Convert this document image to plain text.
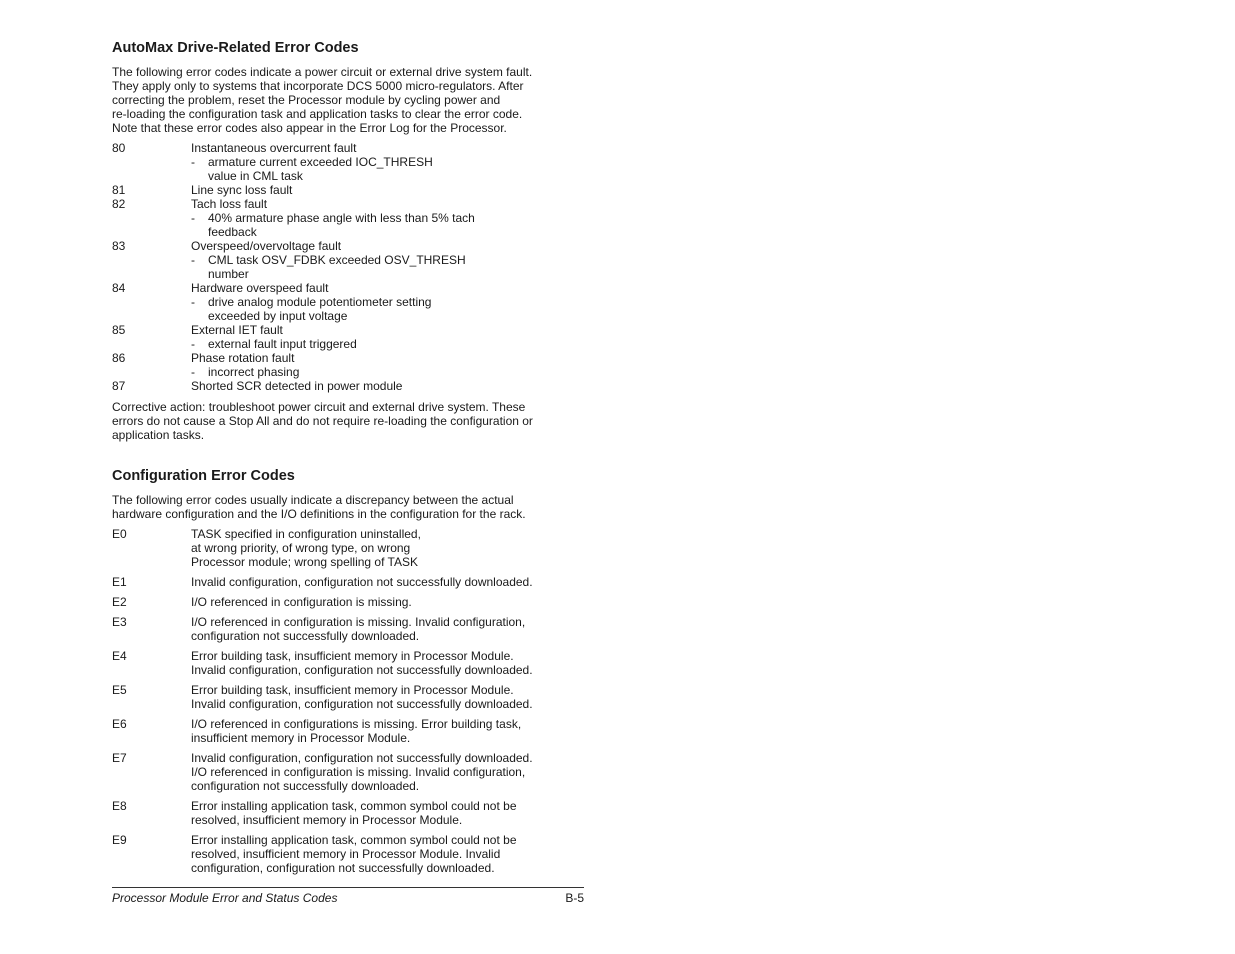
AutoMax Drive-Related Error Codes

The following error codes indicate a power circuit or external drive system fault.
They apply only to systems that incorporate DCS 5000 micro-regulators. After
correcting the problem, reset the Processor module by cycling power and
re-loading the configuration task and application tasks to clear the error code.
Note that these error codes also appear in the Error Log for the Processor.

80	Instantaneous overcurrent fault
-	armature current exceeded IOC_THRESH
value in CML task
81	Line sync loss fault
82	Tach loss fault
-	40% armature phase angle with less than 5% tach
feedback
83	Overspeed/overvoltage fault
-	CML task OSV_FDBK exceeded OSV_THRESH
number
84	Hardware overspeed fault
-	drive analog module potentiometer setting
exceeded by input voltage
85	External IET fault
-	external fault input triggered
86	Phase rotation fault
-	incorrect phasing
87	Shorted SCR detected in power module

Corrective action: troubleshoot power circuit and external drive system. These
errors do not cause a Stop All and do not require re-loading the configuration or
application tasks.

Configuration Error Codes

The following error codes usually indicate a discrepancy between the actual
hardware configuration and the I/O definitions in the configuration for the rack.

E0	TASK specified in configuration uninstalled,
at wrong priority, of wrong type, on wrong
Processor module; wrong spelling of TASK
E1	Invalid configuration, configuration not successfully downloaded.
E2	I/O referenced in configuration is missing.
E3	I/O referenced in configuration is missing. Invalid configuration,
configuration not successfully downloaded.
E4	Error building task, insufficient memory in Processor Module.
Invalid configuration, configuration not successfully downloaded.
E5	Error building task, insufficient memory in Processor Module.
Invalid configuration, configuration not successfully downloaded.
E6	I/O referenced in configurations is missing. Error building task,
insufficient memory in Processor Module.
E7	Invalid configuration, configuration not successfully downloaded.
I/O referenced in configuration is missing. Invalid configuration,
configuration not successfully downloaded.
E8	Error installing application task, common symbol could not be
resolved, insufficient memory in Processor Module.
E9	Error installing application task, common symbol could not be
resolved, insufficient memory in Processor Module. Invalid
configuration, configuration not successfully downloaded.
Processor Module Error and Status Codes	B-5
